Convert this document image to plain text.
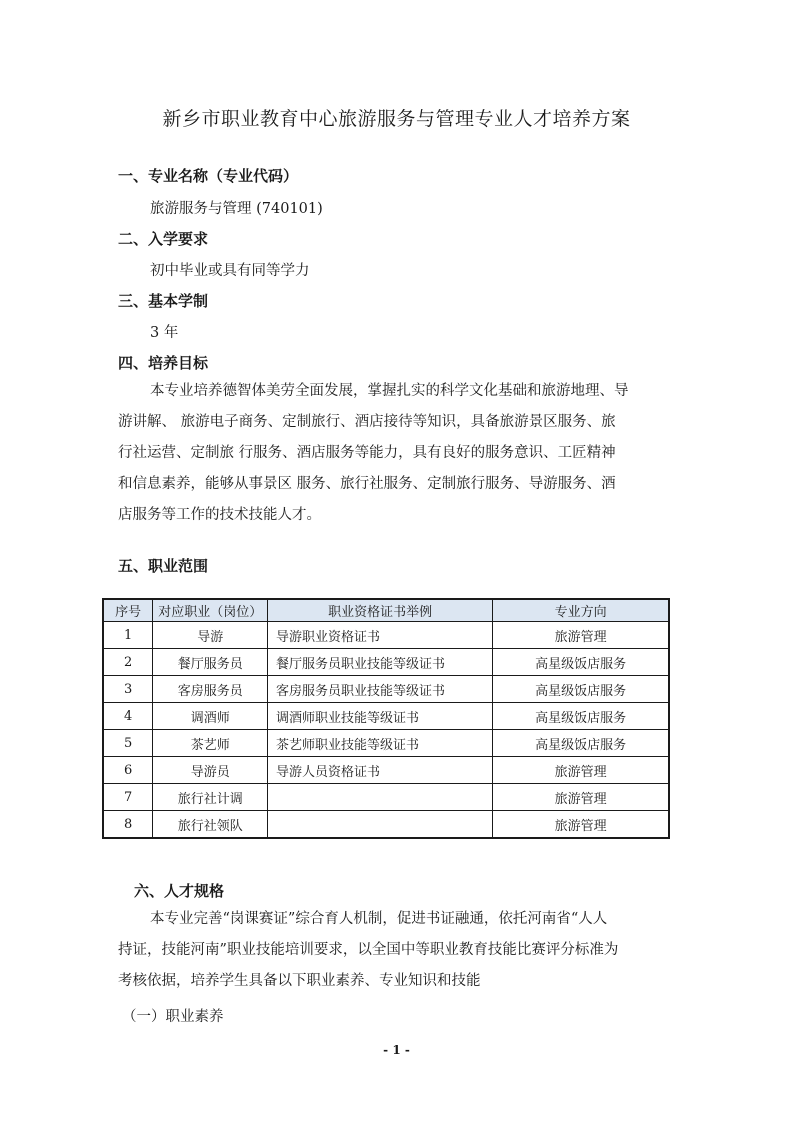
新乡市职业教育中心旅游服务与管理专业人才培养方案
一、专业名称（专业代码）
旅游服务与管理 (740101)
二、入学要求
初中毕业或具有同等学力
三、基本学制
3 年
四、培养目标
本专业培养德智体美劳全面发展，掌握扎实的科学文化基础和旅游地理、导
游讲解、 旅游电子商务、定制旅行、酒店接待等知识，具备旅游景区服务、旅
行社运营、定制旅 行服务、酒店服务等能力，具有良好的服务意识、工匠精神
和信息素养，能够从事景区 服务、旅行社服务、定制旅行服务、导游服务、酒
店服务等工作的技术技能人才。
五、职业范围
序号	对应职业（岗位）	职业资格证书举例	专业方向
1	导游	导游职业资格证书	旅游管理
2	餐厅服务员	餐厅服务员职业技能等级证书	高星级饭店服务
3	客房服务员	客房服务员职业技能等级证书	高星级饭店服务
4	调酒师	调酒师职业技能等级证书	高星级饭店服务
5	茶艺师	茶艺师职业技能等级证书	高星级饭店服务
6	导游员	导游人员资格证书	旅游管理
7	旅行社计调		旅游管理
8	旅行社领队		旅游管理
六、人才规格
本专业完善“岗课赛证”综合育人机制，促进书证融通，依托河南省“人人
持证，技能河南”职业技能培训要求，以全国中等职业教育技能比赛评分标准为
考核依据，培养学生具备以下职业素养、专业知识和技能
（一）职业素养
- 1 -
